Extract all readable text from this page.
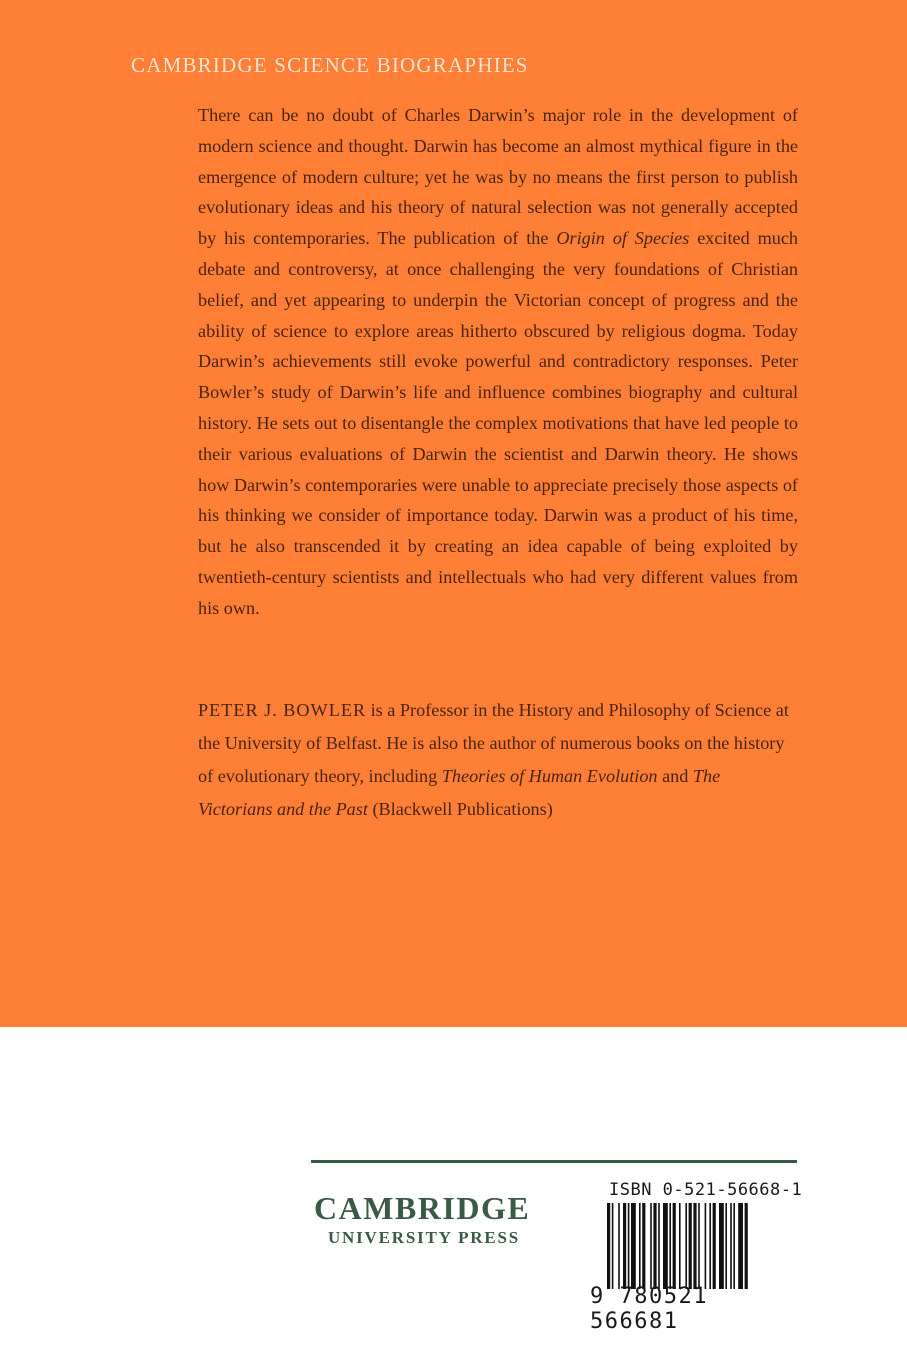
CAMBRIDGE SCIENCE BIOGRAPHIES

There can be no doubt of Charles Darwin’s major role in the development of modern science and thought. Darwin has become an almost mythical figure in the emergence of modern culture; yet he was by no means the first person to publish evolutionary ideas and his theory of natural selection was not generally accepted by his contemporaries. The publication of the Origin of Species excited much debate and controversy, at once challenging the very foundations of Christian belief, and yet appearing to underpin the Victorian concept of progress and the ability of science to explore areas hitherto obscured by religious dogma. Today Darwin’s achievements still evoke powerful and contradictory responses. Peter Bowler’s study of Darwin’s life and influence combines biography and cultural history. He sets out to disentangle the complex motivations that have led people to their various evaluations of Darwin the scientist and Darwin theory. He shows how Darwin’s contemporaries were unable to appreciate precisely those aspects of his thinking we consider of importance today. Darwin was a product of his time, but he also transcended it by creating an idea capable of being exploited by twentieth-century scientists and intellectuals who had very different values from his own.

PETER J. BOWLER is a Professor in the History and Philosophy of Science at the University of Belfast. He is also the author of numerous books on the history of evolutionary theory, including Theories of Human Evolution and The Victorians and the Past (Blackwell Publications)

CAMBRIDGE
UNIVERSITY PRESS
ISBN 0-521-56668-1
9 780521 566681
